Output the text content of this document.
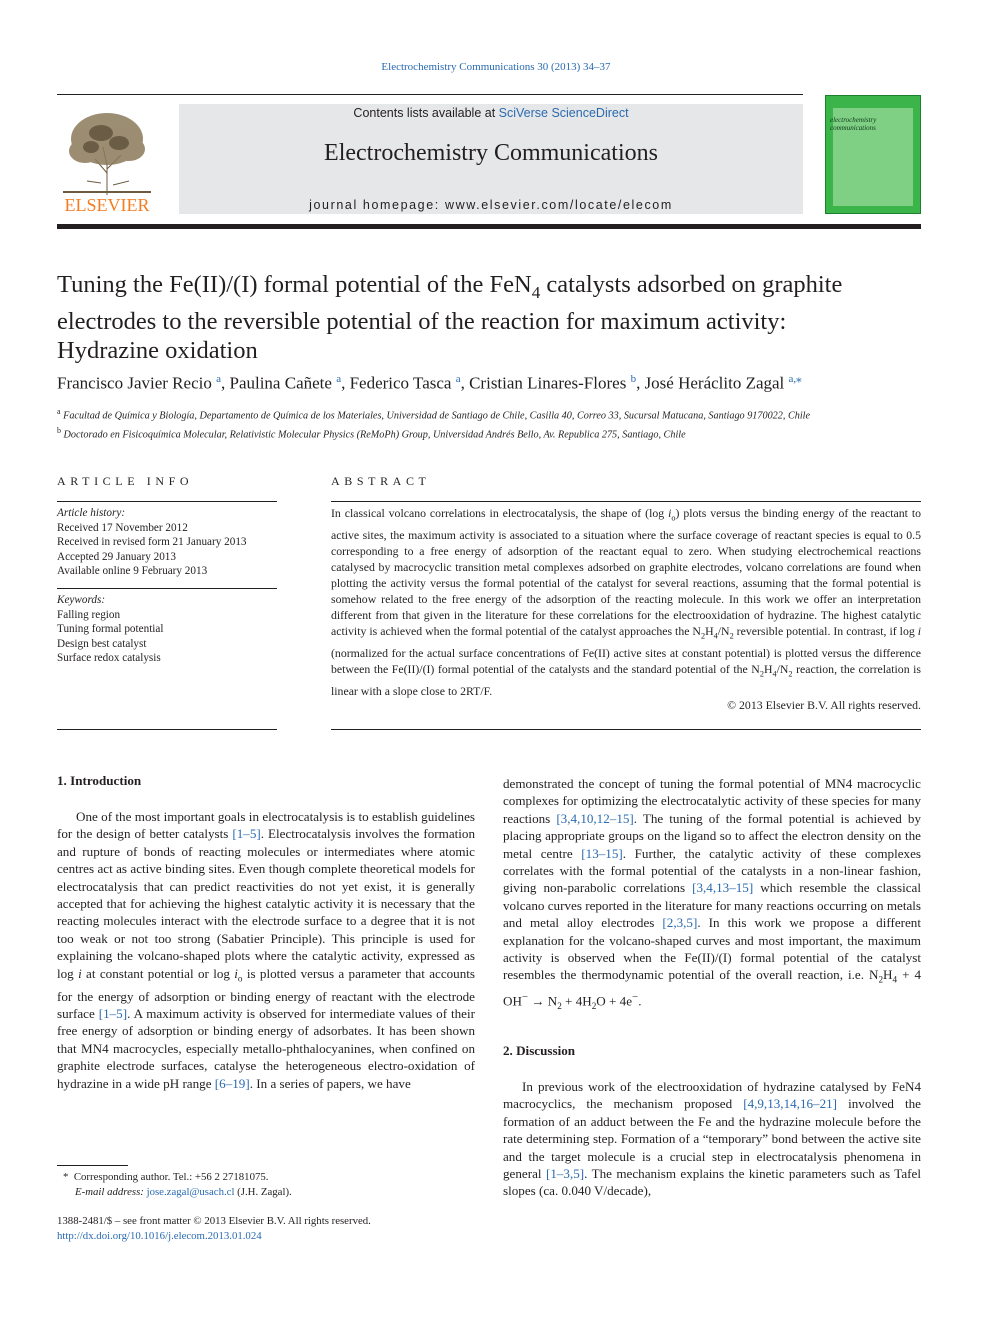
Electrochemistry Communications 30 (2013) 34–37
ELSEVIER
Contents lists available at SciVerse ScienceDirect
Electrochemistry Communications
journal homepage: www.elsevier.com/locate/elecom
electrochemistry communications
Tuning the Fe(II)/(I) formal potential of the FeN$_4$ catalysts adsorbed on graphite
electrodes to the reversible potential of the reaction for maximum activity:
Hydrazine oxidation
Francisco Javier Recio $^a$, Paulina Cañete $^a$, Federico Tasca $^a$, Cristian Linares-Flores $^b$, José Heráclito Zagal $^{a,⁎}$
$^a$ Facultad de Química y Biología, Departamento de Química de los Materiales, Universidad de Santiago de Chile, Casilla 40, Correo 33, Sucursal Matucana, Santiago 9170022, Chile
$^b$ Doctorado en Fisicoquímica Molecular, Relativistic Molecular Physics (ReMoPh) Group, Universidad Andrés Bello, Av. Republica 275, Santiago, Chile
ARTICLE INFO
Article history:
Received 17 November 2012
Received in revised form 21 January 2013
Accepted 29 January 2013
Available online 9 February 2013
Keywords:
Falling region
Tuning formal potential
Design best catalyst
Surface redox catalysis
ABSTRACT
In classical volcano correlations in electrocatalysis, the shape of (log $i_o$) plots versus the binding energy of the reactant to active sites, the maximum activity is associated to a situation where the surface coverage of reactant species is equal to 0.5 corresponding to a free energy of adsorption of the reactant equal to zero. When studying electrochemical reactions catalysed by macrocyclic transition metal complexes adsorbed on graphite electrodes, volcano correlations are found when plotting the activity versus the formal potential of the catalyst for several reactions, assuming that the formal potential is somehow related to the free energy of the adsorption of the reacting molecule. In this work we offer an interpretation different from that given in the literature for these correlations for the electrooxidation of hydrazine. The highest catalytic activity is achieved when the formal potential of the catalyst approaches the $N_2H_4/N_2$ reversible potential. In contrast, if log i (normalized for the actual surface concentrations of Fe(II) active sites at constant potential) is plotted versus the difference between the Fe(II)/(I) formal potential of the catalysts and the standard potential of the $N_2H_4/N_2$ reaction, the correlation is linear with a slope close to 2RT/F.
© 2013 Elsevier B.V. All rights reserved.
1. Introduction

One of the most important goals in electrocatalysis is to establish guidelines for the design of better catalysts [1–5]. Electrocatalysis involves the formation and rupture of bonds of reacting molecules or intermediates where atomic centres act as active binding sites. Even though complete theoretical models for electrocatalysis that can predict reactivities do not yet exist, it is generally accepted that for achieving the highest catalytic activity it is necessary that the reacting molecules interact with the electrode surface to a degree that it is not too weak or not too strong (Sabatier Principle). This principle is used for explaining the volcano-shaped plots where the catalytic activity, expressed as log i at constant potential or $\log i_o$ is plotted versus a parameter that accounts for the energy of adsorption or binding energy of reactant with the electrode surface [1–5]. A maximum activity is observed for intermediate values of their free energy of adsorption or binding energy of adsorbates. It has been shown that MN4 macrocycles, especially metallo-phthalocyanines, when confined on graphite electrode surfaces, catalyse the heterogeneous electro-oxidation of hydrazine in a wide pH range [6–19]. In a series of papers, we have

demonstrated the concept of tuning the formal potential of MN4 macrocyclic complexes for optimizing the electrocatalytic activity of these species for many reactions [3,4,10,12–15]. The tuning of the formal potential is achieved by placing appropriate groups on the ligand so to affect the electron density on the metal centre [13–15]. Further, the catalytic activity of these complexes correlates with the formal potential of the catalysts in a non-linear fashion, giving non-parabolic correlations [3,4,13–15] which resemble the classical volcano curves reported in the literature for many reactions occurring on metals and metal alloy electrodes [2,3,5]. In this work we propose a different explanation for the volcano-shaped curves and most important, the maximum activity is observed when the Fe(II)/(I) formal potential of the catalyst resembles the thermodynamic potential of the overall reaction, i.e. $N_2H_4 + 4$ $OH^- \to N_2 + 4H_2O + 4e^-$.

2. Discussion

In previous work of the electrooxidation of hydrazine catalysed by FeN4 macrocyclics, the mechanism proposed [4,9,13,14,16–21] involved the formation of an adduct between the Fe and the hydrazine molecule before the rate determining step. Formation of a “temporary” bond between the active site and the target molecule is a crucial step in electrocatalysis phenomena in general [1–3,5]. The mechanism explains the kinetic parameters such as Tafel slopes (ca. 0.040 V/decade),

* Corresponding author. Tel.: +56 2 27181075.
E-mail address: jose.zagal@usach.cl (J.H. Zagal).
1388-2481/$ – see front matter © 2013 Elsevier B.V. All rights reserved.
http://dx.doi.org/10.1016/j.elecom.2013.01.024
